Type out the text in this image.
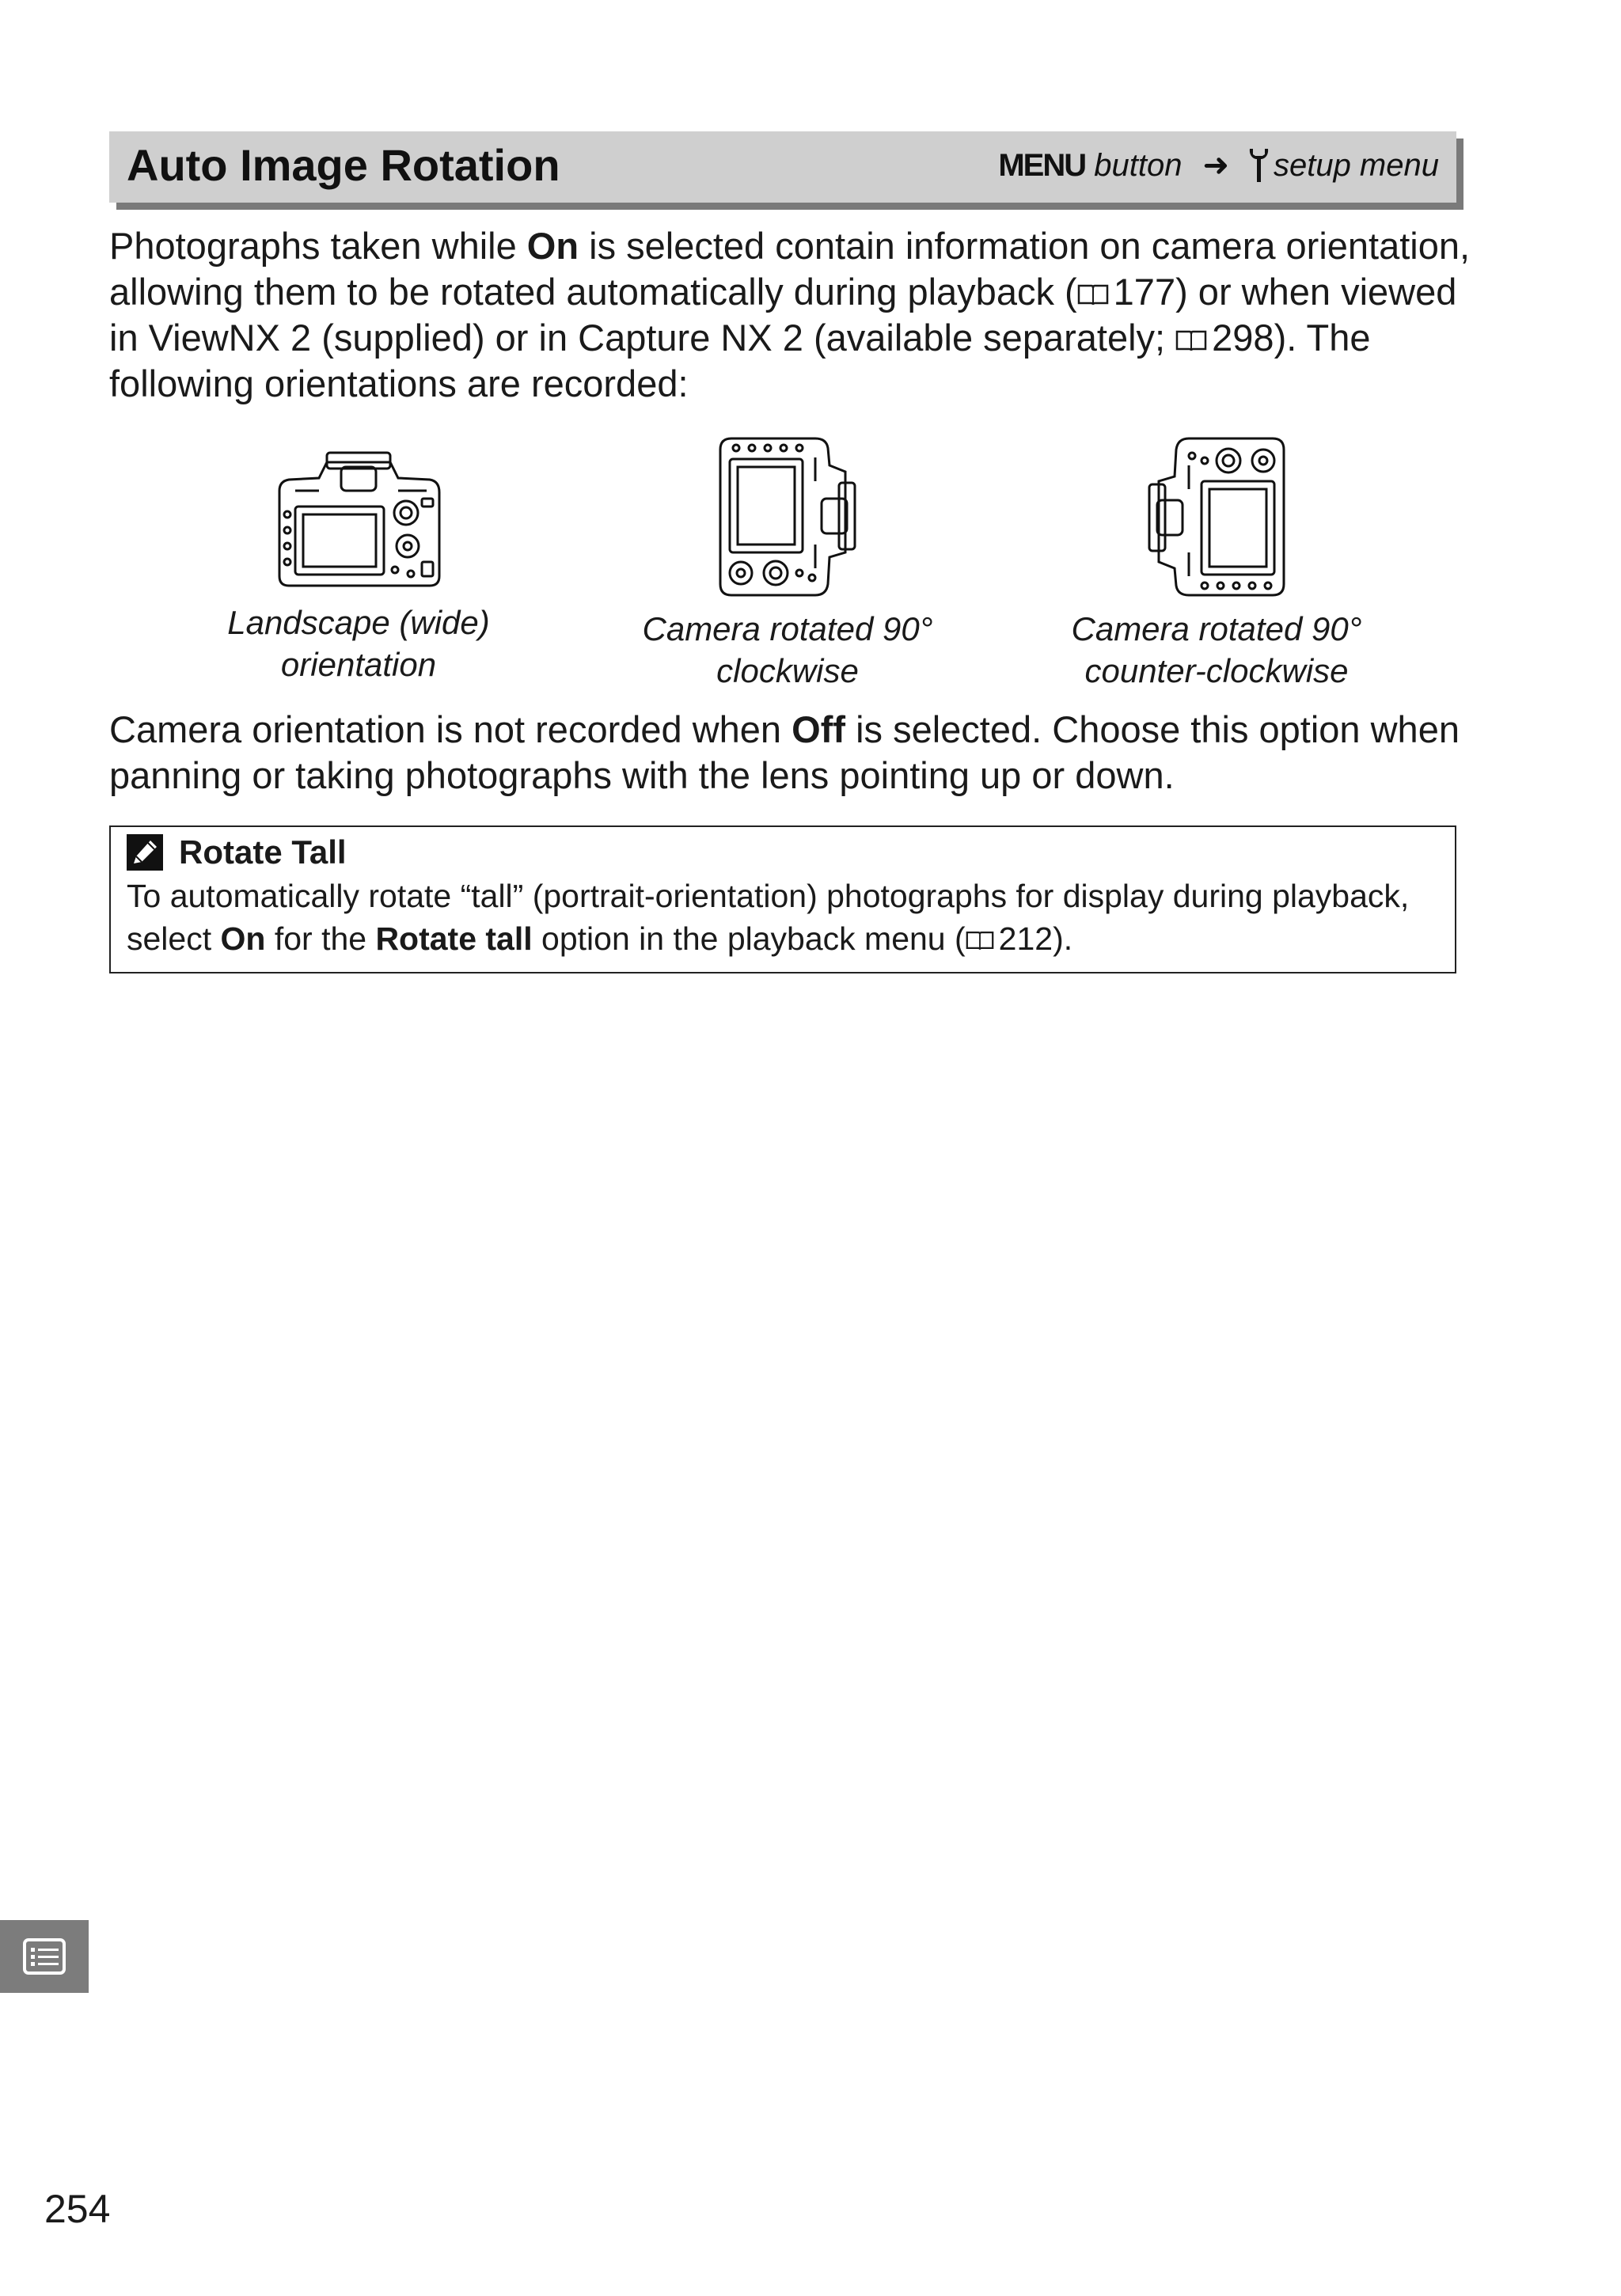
Auto Image Rotation	MENU
button ➜ setup menu
Photographs taken while On is selected contain information on camera orientation, allowing them to be rotated automatically during playback ( 177) or when viewed in ViewNX 2 (supplied) or in Capture NX 2 (available separately; 298). The following orientations are recorded:
Landscape (wide)
orientation
Camera rotated 90°
clockwise
Camera rotated 90°
counter-clockwise
Camera orientation is not recorded when Off is selected. Choose this option when panning or taking photographs with the lens pointing up or down.
Rotate Tall
To automatically rotate “tall” (portrait-orientation) photographs for display during playback, select On for the Rotate tall option in the playback menu ( 212).
254
